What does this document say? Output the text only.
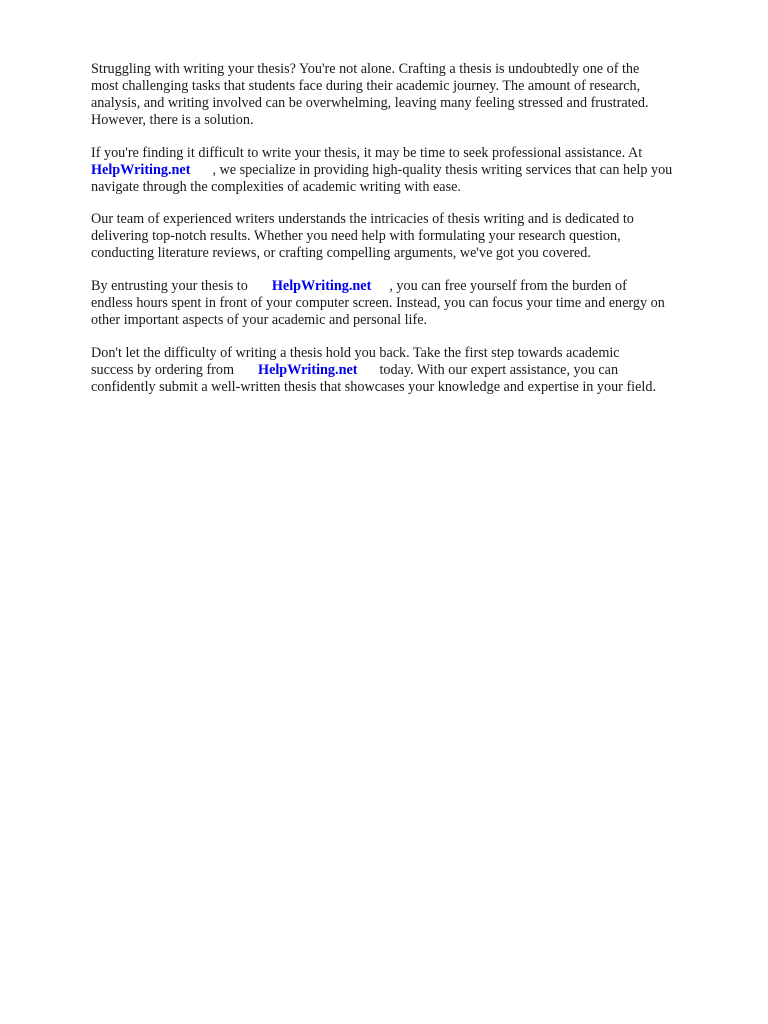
Struggling with writing your thesis? You're not alone. Crafting a thesis is undoubtedly one of the
most challenging tasks that students face during their academic journey. The amount of research,
analysis, and writing involved can be overwhelming, leaving many feeling stressed and frustrated.
However, there is a solution.

If you're finding it difficult to write your thesis, it may be time to seek professional assistance. At
HelpWriting.net , we specialize in providing high-quality thesis writing services that can help you
navigate through the complexities of academic writing with ease.

Our team of experienced writers understands the intricacies of thesis writing and is dedicated to
delivering top-notch results. Whether you need help with formulating your research question,
conducting literature reviews, or crafting compelling arguments, we've got you covered.

By entrusting your thesis to HelpWriting.net , you can free yourself from the burden of
endless hours spent in front of your computer screen. Instead, you can focus your time and energy on
other important aspects of your academic and personal life.

Don't let the difficulty of writing a thesis hold you back. Take the first step towards academic
success by ordering from HelpWriting.net today. With our expert assistance, you can
confidently submit a well-written thesis that showcases your knowledge and expertise in your field.
